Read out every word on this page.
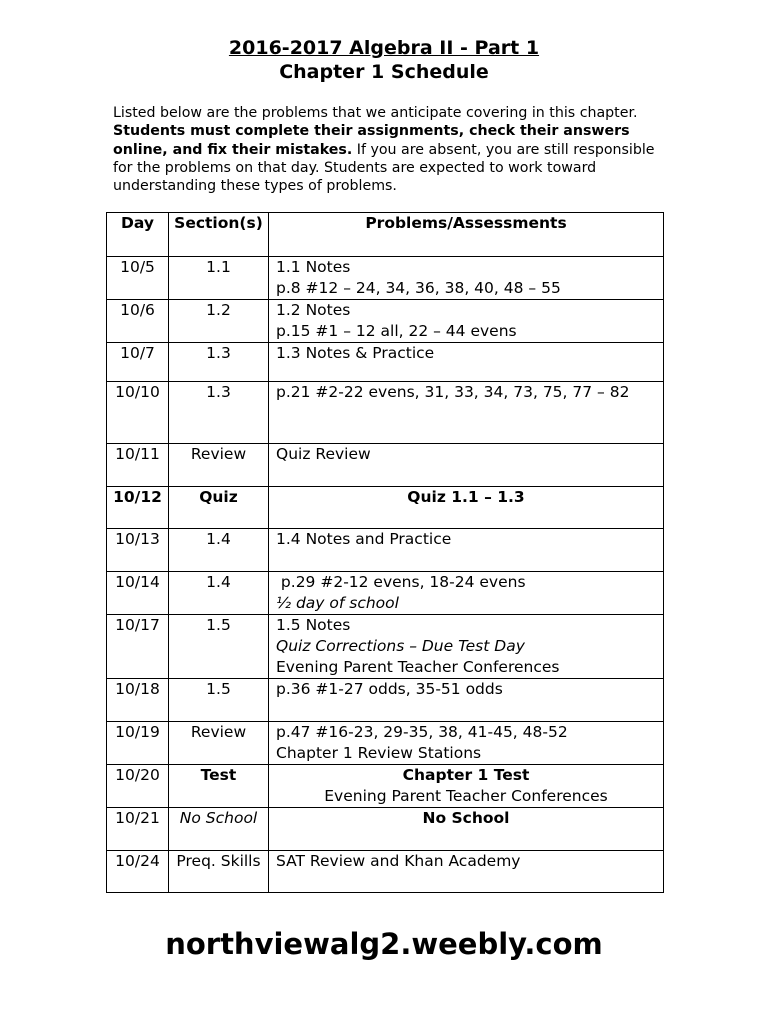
2016-2017 Algebra II - Part 1
Chapter 1 Schedule
Listed below are the problems that we anticipate covering in this chapter. Students must complete their assignments, check their answers online, and fix their mistakes. If you are absent, you are still responsible for the problems on that day. Students are expected to work toward understanding these types of problems.
Day	Section(s)	Problems/Assessments
10/5	1.1	1.1 Notes
p.8 #12 – 24, 34, 36, 38, 40, 48 – 55

10/6	1.2	1.2 Notes
p.15 #1 – 12 all, 22 – 44 evens

10/7	1.3	1.3 Notes & Practice

10/10	1.3	p.21 #2-22 evens, 31, 33, 34, 73, 75, 77 – 82

10/11	Review	Quiz Review

10/12	Quiz	Quiz 1.1 – 1.3

10/13	1.4	1.4 Notes and Practice

10/14	1.4	p.29 #2-12 evens, 18-24 evens
½ day of school

10/17	1.5	1.5 Notes
Quiz Corrections – Due Test Day
Evening Parent Teacher Conferences

10/18	1.5	p.36 #1-27 odds, 35-51 odds

10/19	Review	p.47 #16-23, 29-35, 38, 41-45, 48-52
Chapter 1 Review Stations

10/20	Test	Chapter 1 Test
Evening Parent Teacher Conferences

10/21	No School	No School

10/24	Preq. Skills	SAT Review and Khan Academy
northviewalg2.weebly.com
